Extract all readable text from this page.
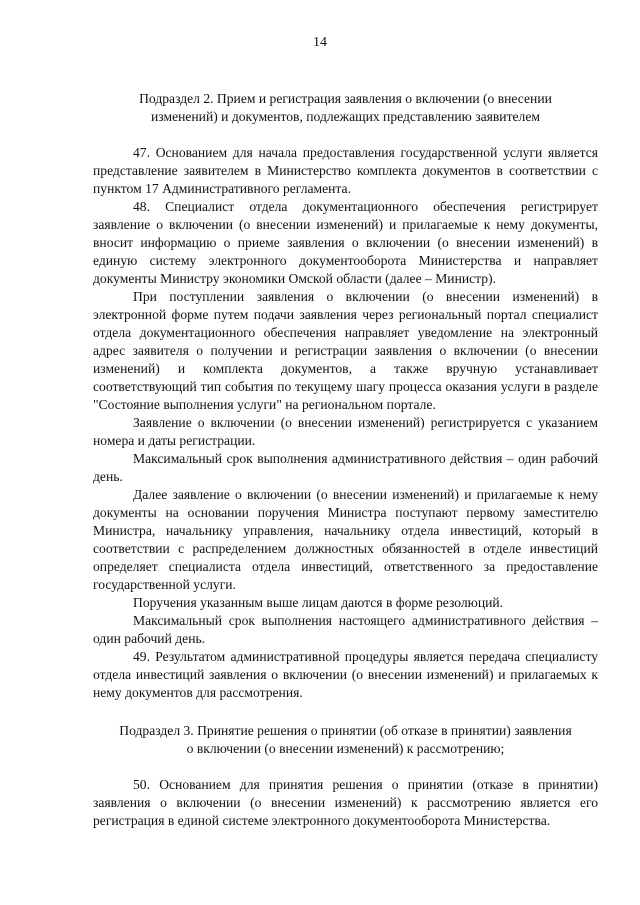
14

Подраздел 2. Прием и регистрация заявления о включении (о внесении

изменений) и документов, подлежащих представлению заявителем

47. Основанием для начала предоставления государственной услуги является представление заявителем в Министерство комплекта документов в соответствии с пунктом 17 Административного регламента.

48. Специалист отдела документационного обеспечения регистрирует заявление о включении (о внесении изменений) и прилагаемые к нему документы, вносит информацию о приеме заявления о включении (о внесении изменений) в единую систему электронного документооборота Министерства и направляет документы Министру экономики Омской области (далее – Министр).

При поступлении заявления о включении (о внесении изменений) в электронной форме путем подачи заявления через региональный портал специалист отдела документационного обеспечения направляет уведомление на электронный адрес заявителя о получении и регистрации заявления о включении (о внесении изменений) и комплекта документов, а также вручную устанавливает соответствующий тип события по текущему шагу процесса оказания услуги в разделе "Состояние выполнения услуги" на региональном портале.

Заявление о включении (о внесении изменений) регистрируется с указанием номера и даты регистрации.

Максимальный срок выполнения административного действия – один рабочий день.

Далее заявление о включении (о внесении изменений) и прилагаемые к нему документы на основании поручения Министра поступают первому заместителю Министра, начальнику управления, начальнику отдела инвестиций, который в соответствии с распределением должностных обязанностей в отделе инвестиций определяет специалиста отдела инвестиций, ответственного за предоставление государственной услуги.

Поручения указанным выше лицам даются в форме резолюций.

Максимальный срок выполнения настоящего административного действия – один рабочий день.

49. Результатом административной процедуры является передача специалисту отдела инвестиций заявления о включении (о внесении изменений) и прилагаемых к нему документов для рассмотрения.

Подраздел 3. Принятие решения о принятии (об отказе в принятии) заявления

о включении (о внесении изменений) к рассмотрению;

50. Основанием для принятия решения о принятии (отказе в принятии) заявления о включении (о внесении изменений) к рассмотрению является его регистрация в единой системе электронного документооборота Министерства.
